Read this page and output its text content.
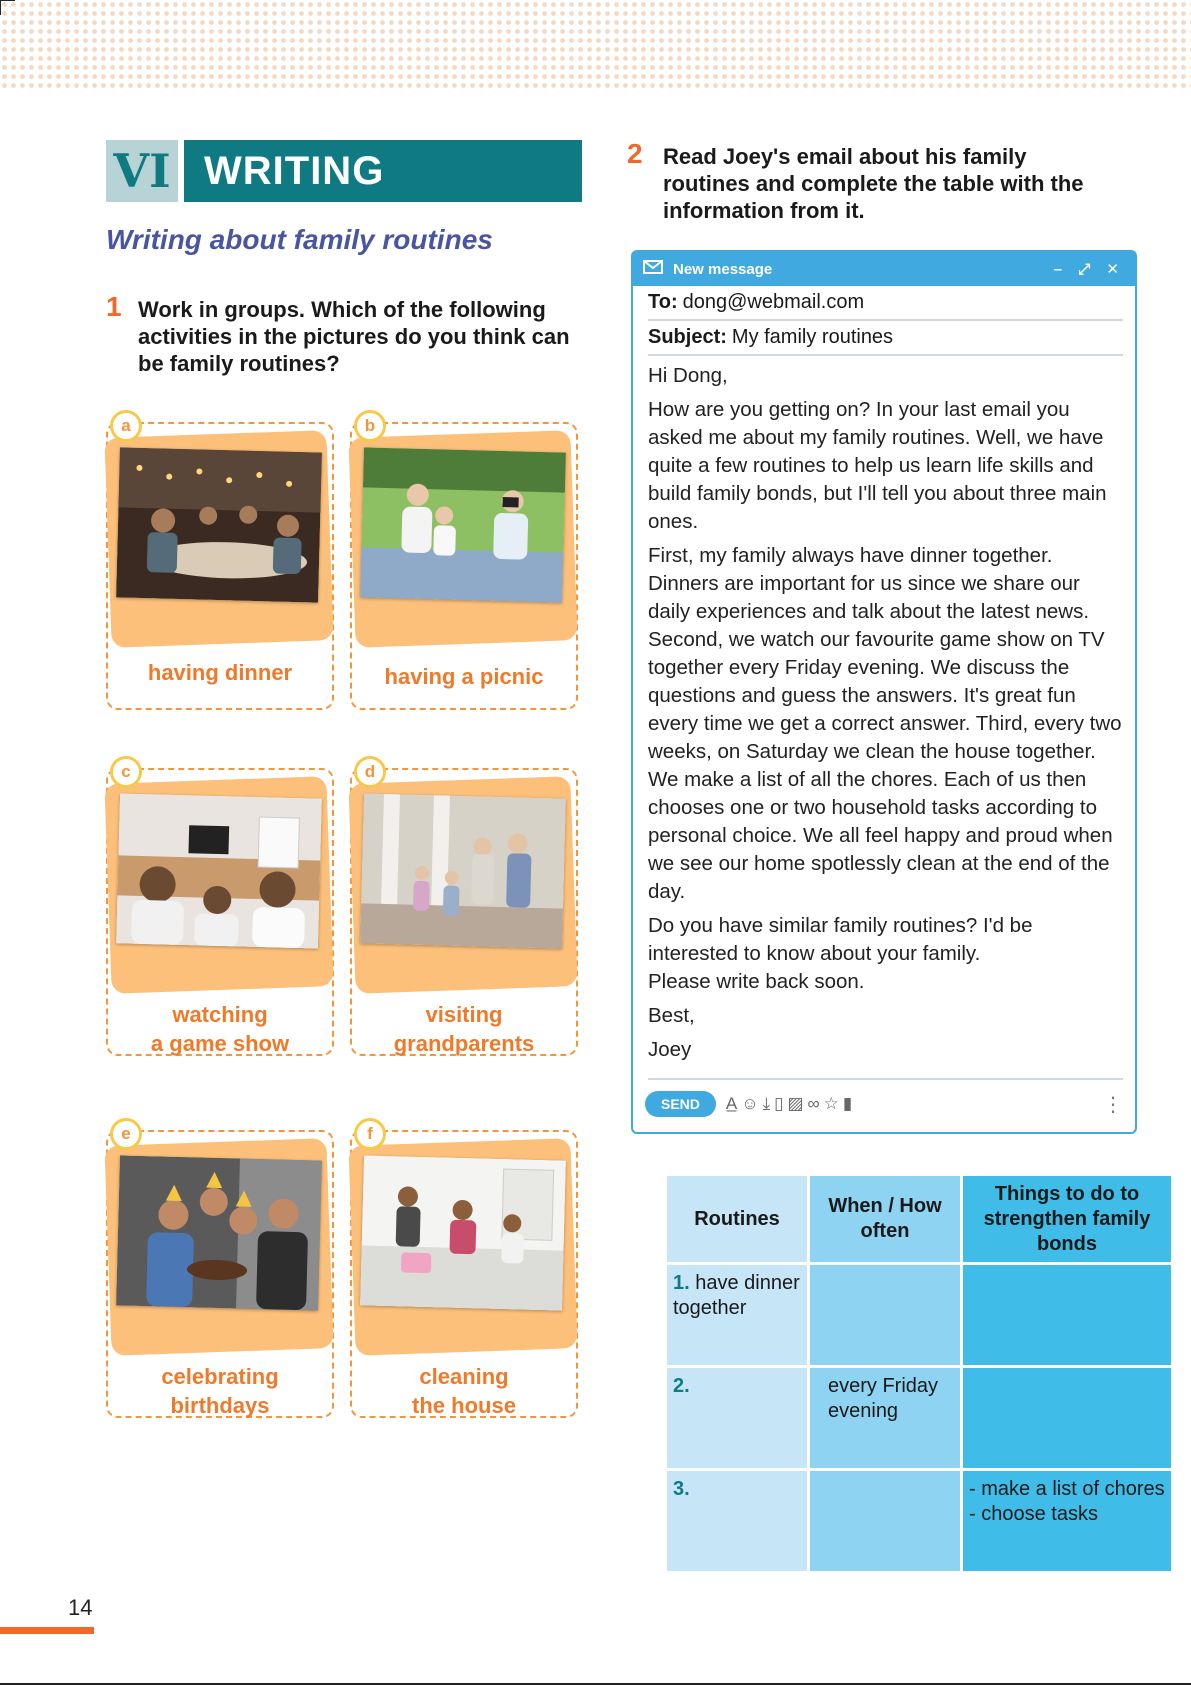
VI WRITING
Writing about family routines
1 Work in groups. Which of the following activities in the pictures do you think can be family routines?
2 Read Joey's email about his family routines and complete the table with the information from it.
a
having dinner
b
having a picnic
c
watching
a game show
d
visiting
grandparents
e
celebrating
birthdays
f
cleaning
the house
New message	– ⤢ ✕
To: dong@webmail.com
Subject: My family routines

Hi Dong,

How are you getting on? In your last email you asked me about my family routines. Well, we have quite a few routines to help us learn life skills and build family bonds, but I'll tell you about three main ones.

First, my family always have dinner together. Dinners are important for us since we share our daily experiences and talk about the latest news. Second, we watch our favourite game show on TV together every Friday evening. We discuss the questions and guess the answers. It's great fun every time we get a correct answer. Third, every two weeks, on Saturday we clean the house together. We make a list of all the chores. Each of us then chooses one or two household tasks according to personal choice. We all feel happy and proud when we see our home spotlessly clean at the end of the day.

Do you have similar family routines? I'd be interested to know about your family.

Please write back soon.

Best,

Joey

SEND	A̲☺⤓▯▨∞☆▮	⋮
Routines	When / How often	Things to do to strengthen family bonds
1. have dinner together		

2.	every Friday evening	

3.		- make a list of chores
- choose tasks
14
